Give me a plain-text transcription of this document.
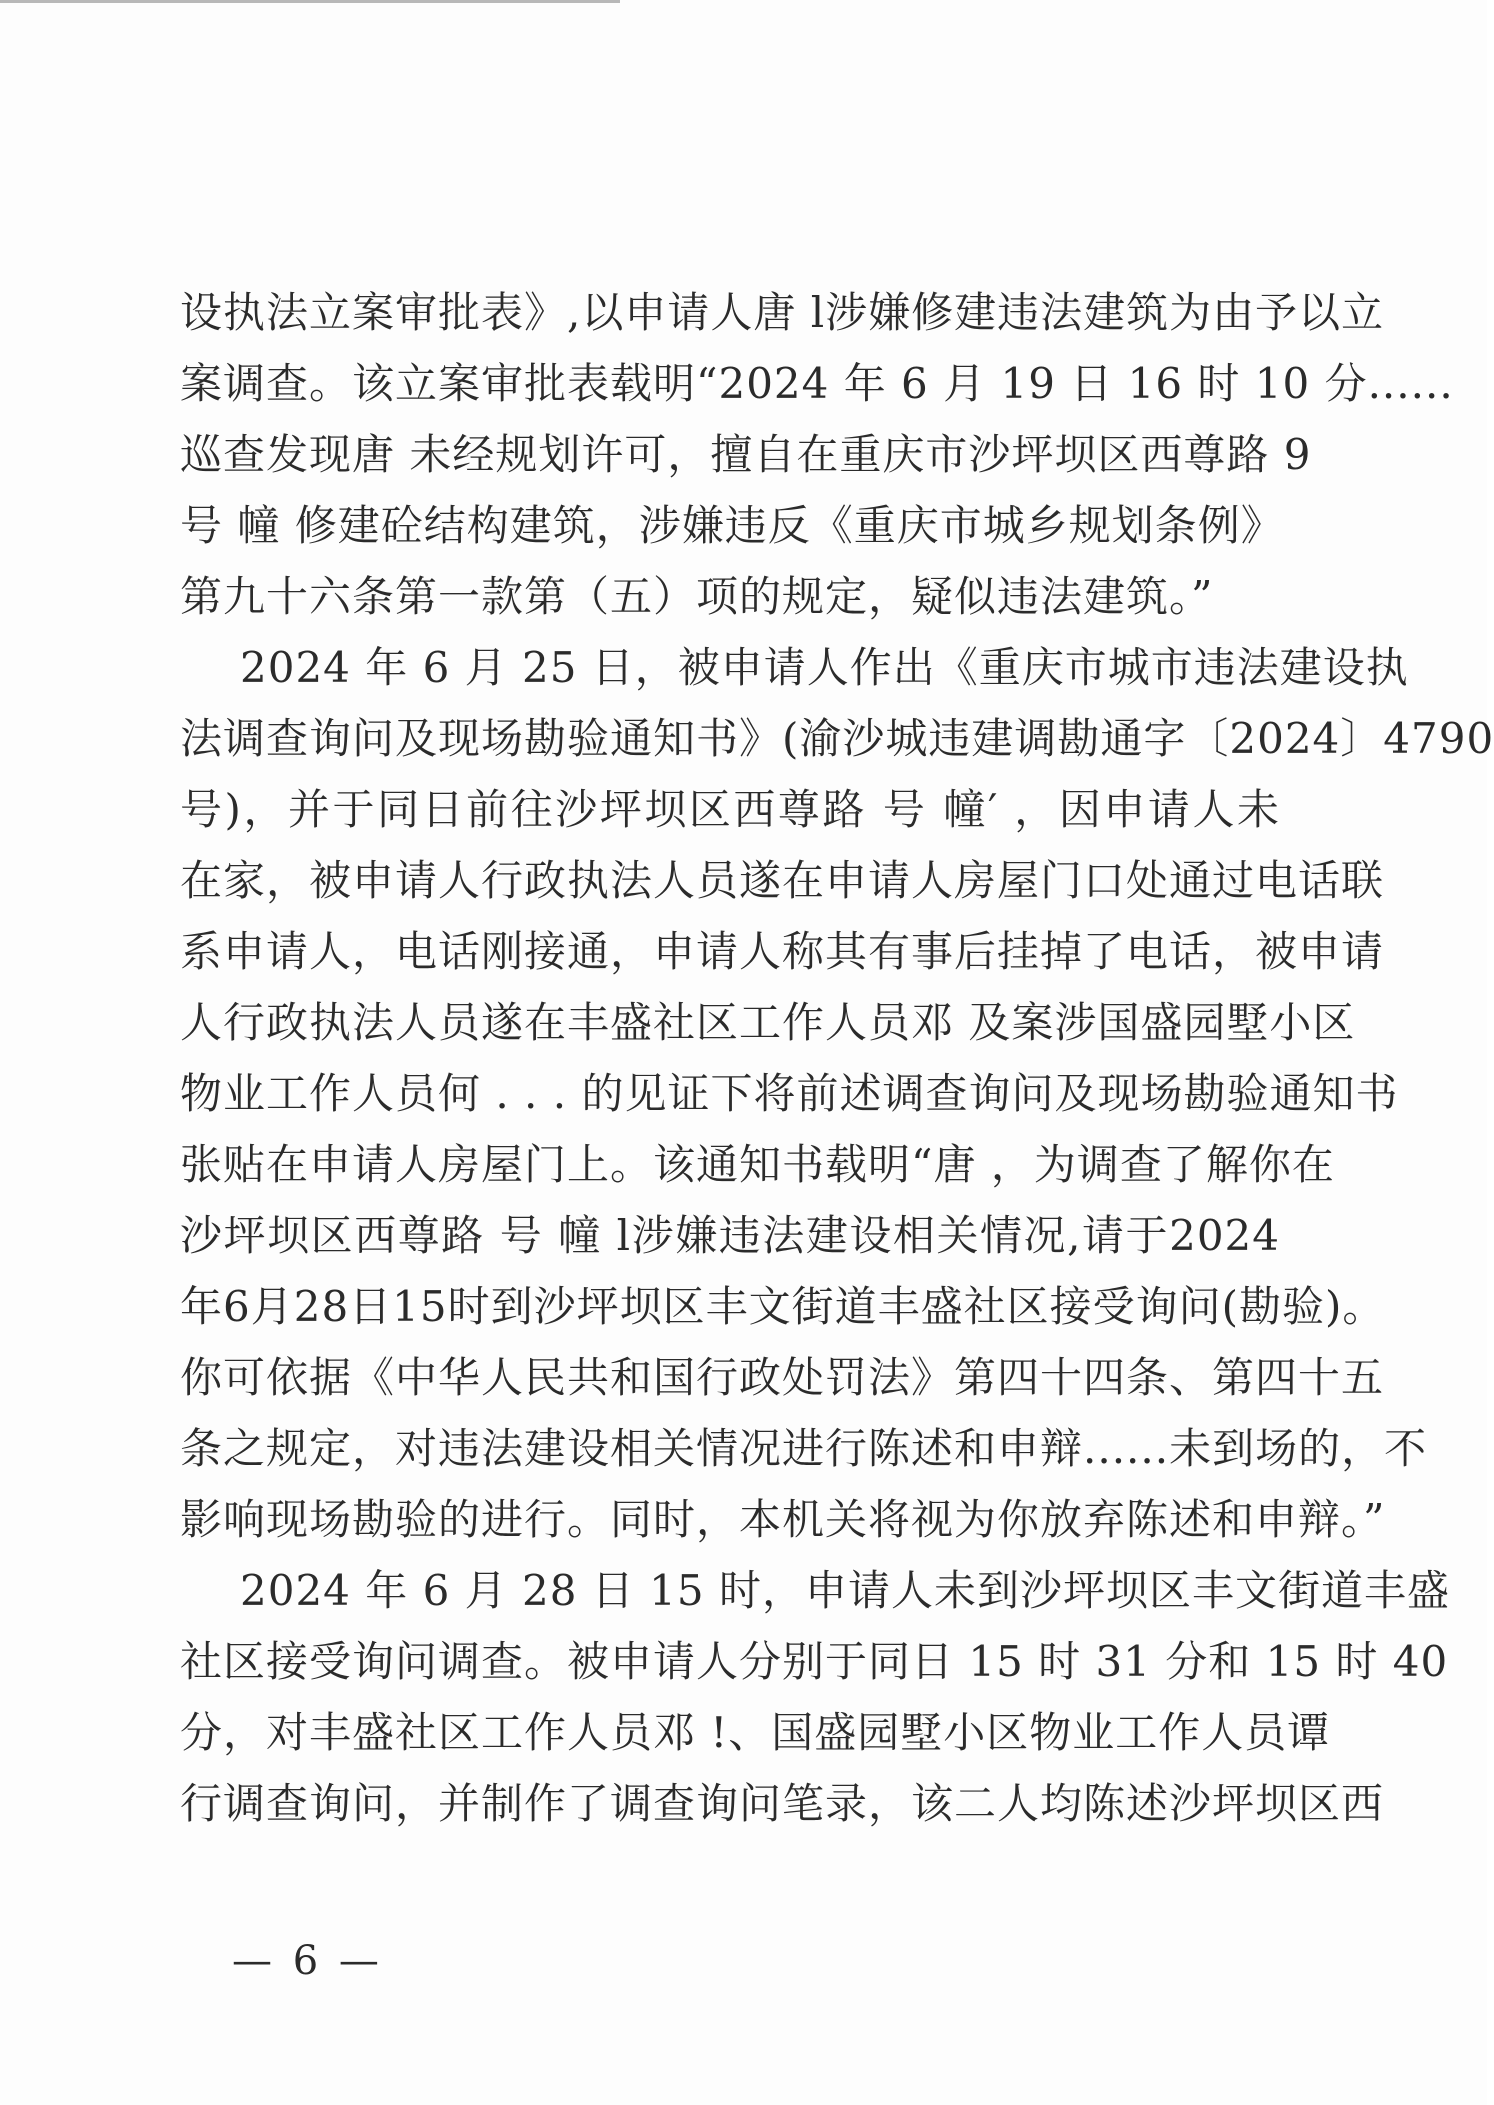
设执法立案审批表》,以申请人唐 l涉嫌修建违法建筑为由予以立
案调查。该立案审批表载明“2024 年 6 月 19 日 16 时 10 分......
巡查发现唐 未经规划许可，擅自在重庆市沙坪坝区西尊路 9
号 幢 修建砼结构建筑，涉嫌违反《重庆市城乡规划条例》
第九十六条第一款第（五）项的规定，疑似违法建筑。”
2024 年 6 月 25 日，被申请人作出《重庆市城市违法建设执
法调查询问及现场勘验通知书》(渝沙城违建调勘通字〔2024〕4790
号)，并于同日前往沙坪坝区西尊路 号 幢′ ，因申请人未
在家，被申请人行政执法人员遂在申请人房屋门口处通过电话联
系申请人，电话刚接通，申请人称其有事后挂掉了电话，被申请
人行政执法人员遂在丰盛社区工作人员邓 及案涉国盛园墅小区
物业工作人员何 . . . 的见证下将前述调查询问及现场勘验通知书
张贴在申请人房屋门上。该通知书载明“唐 ，为调查了解你在
沙坪坝区西尊路 号 幢 l涉嫌违法建设相关情况,请于2024
年6月28日15时到沙坪坝区丰文街道丰盛社区接受询问(勘验)。
你可依据《中华人民共和国行政处罚法》第四十四条、第四十五
条之规定，对违法建设相关情况进行陈述和申辩......未到场的，不
影响现场勘验的进行。同时，本机关将视为你放弃陈述和申辩。”
2024 年 6 月 28 日 15 时，申请人未到沙坪坝区丰文街道丰盛
社区接受询问调查。被申请人分别于同日 15 时 31 分和 15 时 40
分，对丰盛社区工作人员邓 !、国盛园墅小区物业工作人员谭
行调查询问，并制作了调查询问笔录，该二人均陈述沙坪坝区西
— 6 —
